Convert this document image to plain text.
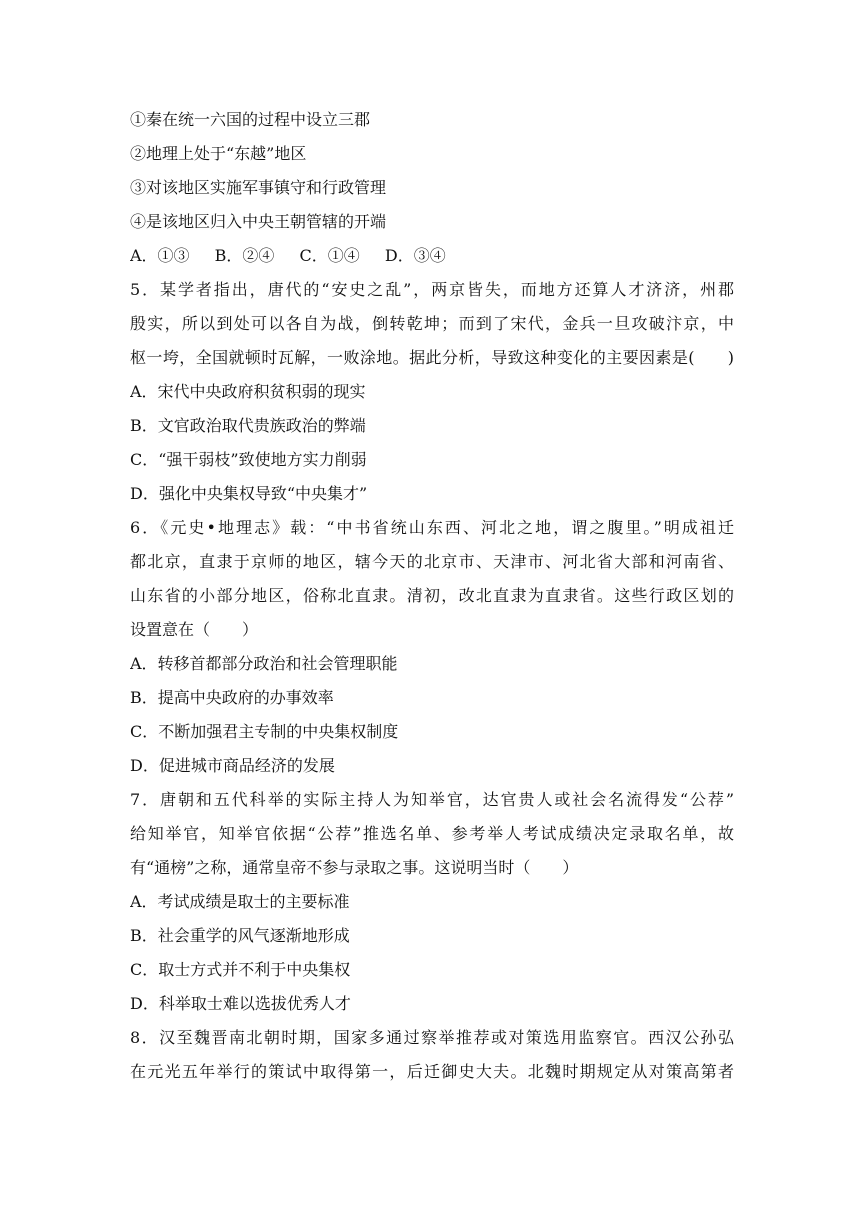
①秦在统一六国的过程中设立三郡
②地理上处于“东越”地区
③对该地区实施军事镇守和行政管理
④是该地区归入中央王朝管辖的开端
A．①③ B．②④ C．①④ D．③④
5．某学者指出，唐代的“安史之乱”，两京皆失，而地方还算人才济济，州郡
殷实，所以到处可以各自为战，倒转乾坤；而到了宋代，金兵一旦攻破汴京，中
枢一垮，全国就顿时瓦解，一败涂地。据此分析，导致这种变化的主要因素是(　　)
A．宋代中央政府积贫积弱的现实
B．文官政治取代贵族政治的弊端
C．“强干弱枝”致使地方实力削弱
D．强化中央集权导致“中央集才”
6．《元史•地理志》载：“中书省统山东西、河北之地，谓之腹里。”明成祖迁
都北京，直隶于京师的地区，辖今天的北京市、天津市、河北省大部和河南省、
山东省的小部分地区，俗称北直隶。清初，改北直隶为直隶省。这些行政区划的
设置意在（　　）
A．转移首都部分政治和社会管理职能
B．提高中央政府的办事效率
C．不断加强君主专制的中央集权制度
D．促进城市商品经济的发展
7．唐朝和五代科举的实际主持人为知举官，达官贵人或社会名流得发“公荐”
给知举官，知举官依据“公荐”推选名单、参考举人考试成绩决定录取名单，故
有“通榜”之称，通常皇帝不参与录取之事。这说明当时（　　）
A．考试成绩是取士的主要标准
B．社会重学的风气逐渐地形成
C．取士方式并不利于中央集权
D．科举取士难以选拔优秀人才
8．汉至魏晋南北朝时期，国家多通过察举推荐或对策选用监察官。西汉公孙弘
在元光五年举行的策试中取得第一，后迁御史大夫。北魏时期规定从对策高第者
